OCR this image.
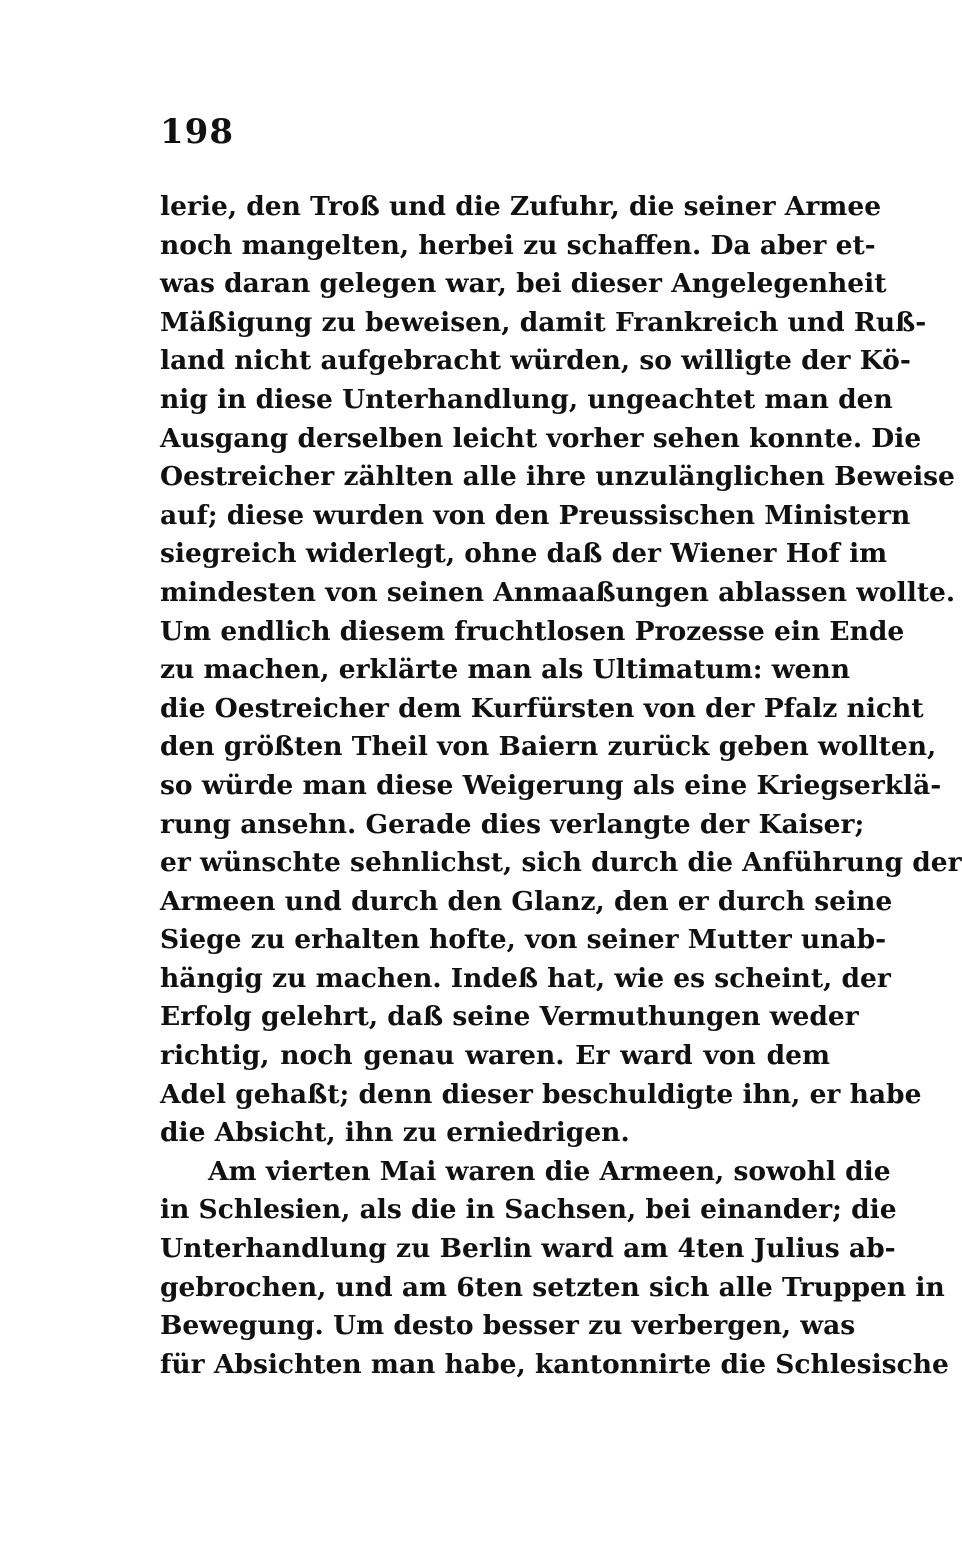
198
lerie, den Troß und die Zufuhr, die seiner Armee
noch mangelten, herbei zu schaffen. Da aber et-
was daran gelegen war, bei dieser Angelegenheit
Mäßigung zu beweisen, damit Frankreich und Ruß-
land nicht aufgebracht würden, so willigte der Kö-
nig in diese Unterhandlung, ungeachtet man den
Ausgang derselben leicht vorher sehen konnte. Die
Oestreicher zählten alle ihre unzulänglichen Beweise
auf; diese wurden von den Preussischen Ministern
siegreich widerlegt, ohne daß der Wiener Hof im
mindesten von seinen Anmaaßungen ablassen wollte.
Um endlich diesem fruchtlosen Prozesse ein Ende
zu machen, erklärte man als Ultimatum: wenn
die Oestreicher dem Kurfürsten von der Pfalz nicht
den größten Theil von Baiern zurück geben wollten,
so würde man diese Weigerung als eine Kriegserklä-
rung ansehn. Gerade dies verlangte der Kaiser;
er wünschte sehnlichst, sich durch die Anführung der
Armeen und durch den Glanz, den er durch seine
Siege zu erhalten hofte, von seiner Mutter unab-
hängig zu machen. Indeß hat, wie es scheint, der
Erfolg gelehrt, daß seine Vermuthungen weder
richtig, noch genau waren. Er ward von dem
Adel gehaßt; denn dieser beschuldigte ihn, er habe
die Absicht, ihn zu erniedrigen.
Am vierten Mai waren die Armeen, sowohl die
in Schlesien, als die in Sachsen, bei einander; die
Unterhandlung zu Berlin ward am 4ten Julius ab-
gebrochen, und am 6ten setzten sich alle Truppen in
Bewegung. Um desto besser zu verbergen, was
für Absichten man habe, kantonnirte die Schlesische
